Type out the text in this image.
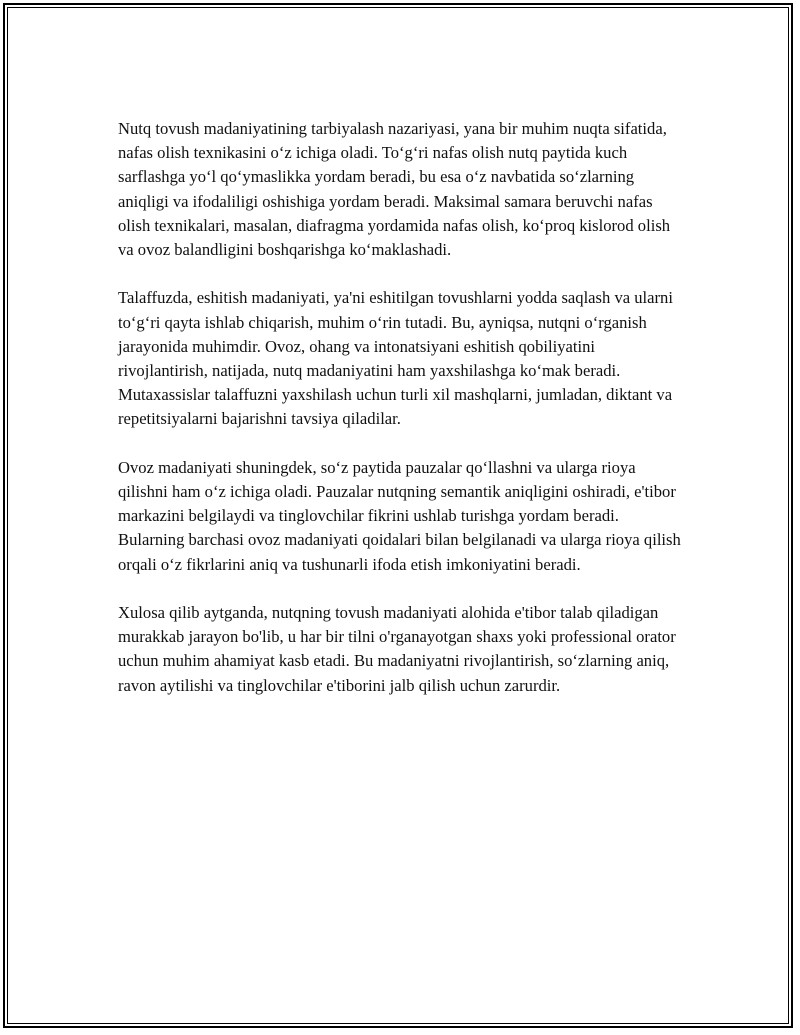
Nutq tovush madaniyatining tarbiyalash nazariyasi, yana bir muhim nuqta sifatida, nafas olish texnikasini oʻz ichiga oladi. Toʻgʻri nafas olish nutq paytida kuch sarflashga yoʻl qoʻymaslikka yordam beradi, bu esa oʻz navbatida soʻzlarning aniqligi va ifodaliligi oshishiga yordam beradi. Maksimal samara beruvchi nafas olish texnikalari, masalan, diafragma yordamida nafas olish, koʻproq kislorod olish va ovoz balandligini boshqarishga koʻmaklashadi.

Talaffuzda, eshitish madaniyati, ya'ni eshitilgan tovushlarni yodda saqlash va ularni toʻgʻri qayta ishlab chiqarish, muhim oʻrin tutadi. Bu, ayniqsa, nutqni oʻrganish jarayonida muhimdir. Ovoz, ohang va intonatsiyani eshitish qobiliyatini rivojlantirish, natijada, nutq madaniyatini ham yaxshilashga koʻmak beradi. Mutaxassislar talaffuzni yaxshilash uchun turli xil mashqlarni, jumladan, diktant va repetitsiyalarni bajarishni tavsiya qiladilar.

Ovoz madaniyati shuningdek, soʻz paytida pauzalar qoʻllashni va ularga rioya qilishni ham oʻz ichiga oladi. Pauzalar nutqning semantik aniqligini oshiradi, e'tibor markazini belgilaydi va tinglovchilar fikrini ushlab turishga yordam beradi. Bularning barchasi ovoz madaniyati qoidalari bilan belgilanadi va ularga rioya qilish orqali oʻz fikrlarini aniq va tushunarli ifoda etish imkoniyatini beradi.

Xulosa qilib aytganda, nutqning tovush madaniyati alohida e'tibor talab qiladigan murakkab jarayon bo'lib, u har bir tilni o'rganayotgan shaxs yoki professional orator uchun muhim ahamiyat kasb etadi. Bu madaniyatni rivojlantirish, soʻzlarning aniq, ravon aytilishi va tinglovchilar e'tiborini jalb qilish uchun zarurdir.
